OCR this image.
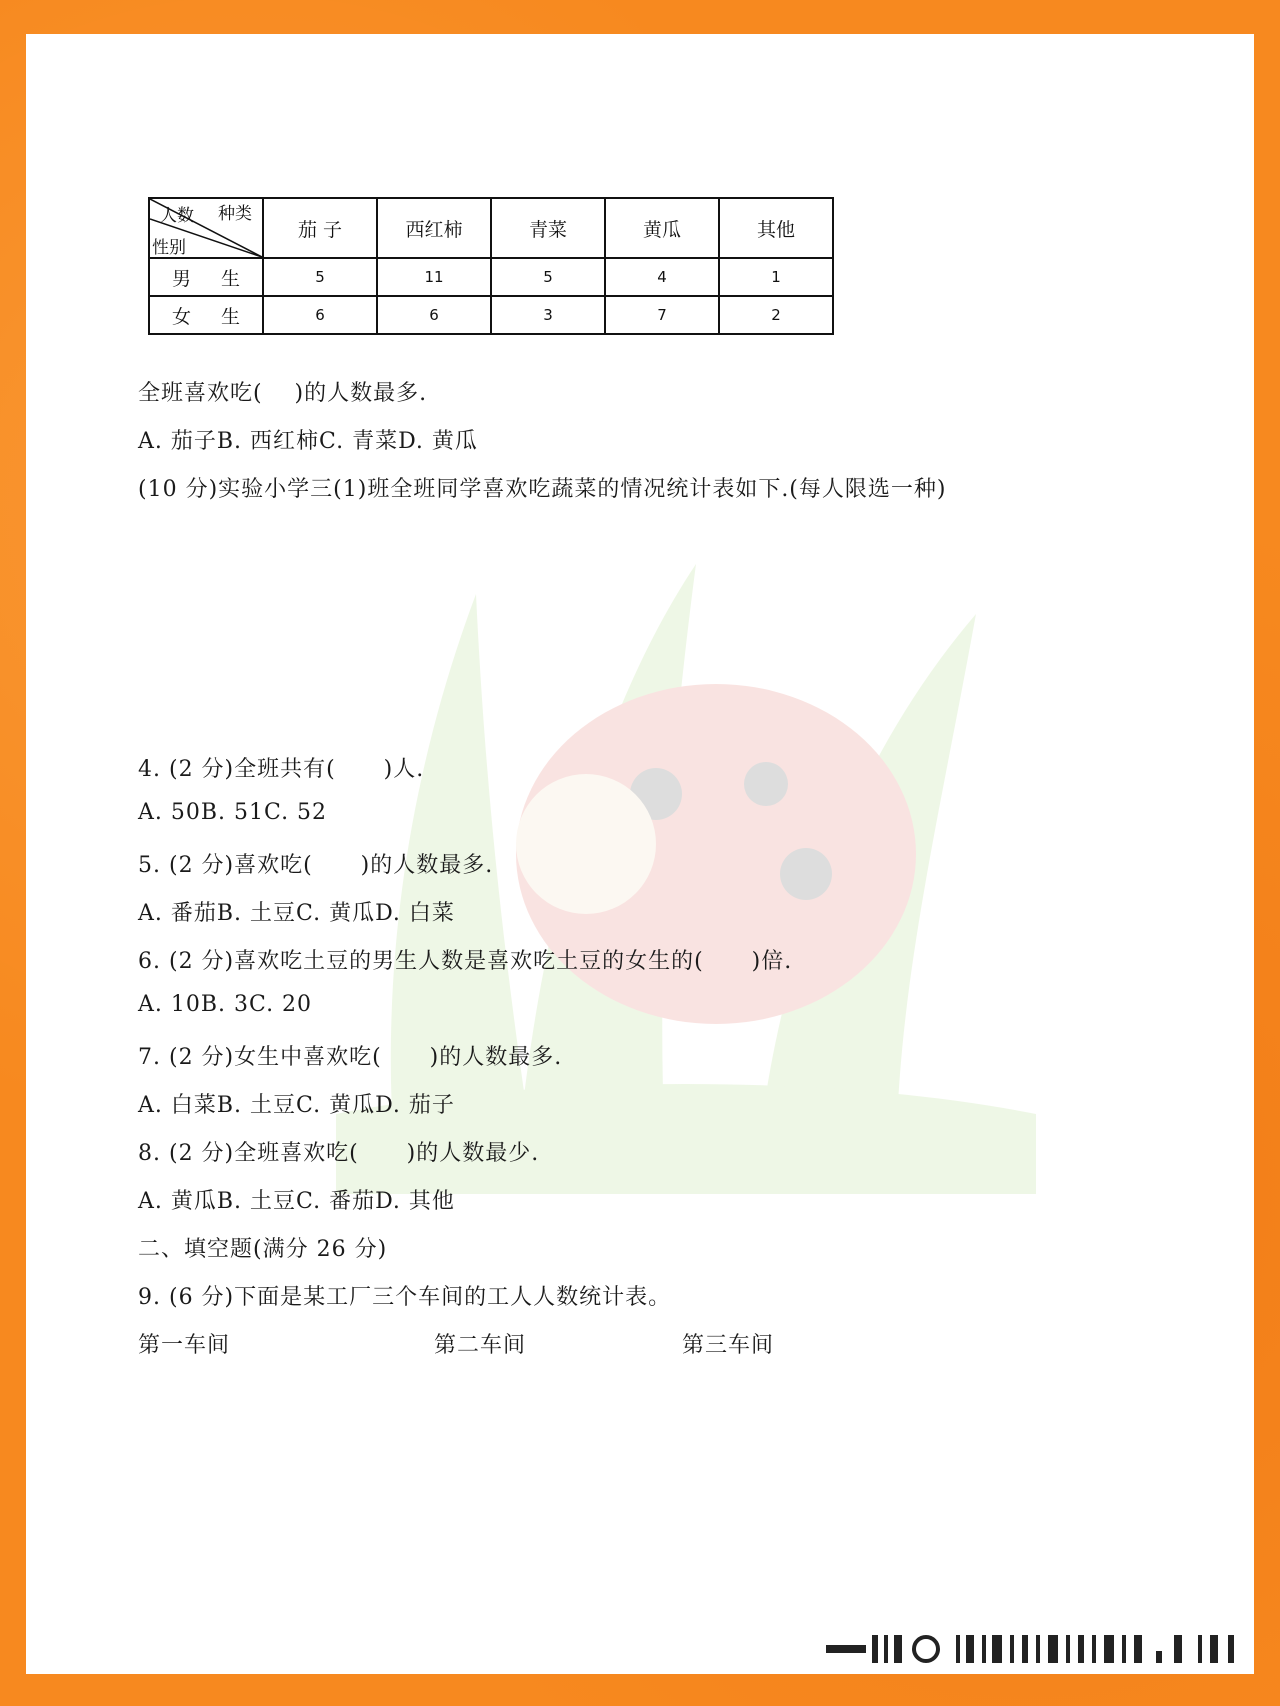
人数 种类
性别	茄 子	西红柿	青菜	黄瓜	其他
男 生	5	11	5	4	1
女 生	6	6	3	7	2
全班喜欢吃(    )的人数最多.
A. 茄子B. 西红柿C. 青菜D. 黄瓜
(10 分)实验小学三(1)班全班同学喜欢吃蔬菜的情况统计表如下.(每人限选一种)
4. (2 分)全班共有(      )人.
A. 50B. 51C. 52
5. (2 分)喜欢吃(      )的人数最多.
A. 番茄B. 土豆C. 黄瓜D. 白菜
6. (2 分)喜欢吃土豆的男生人数是喜欢吃土豆的女生的(      )倍.
A. 10B. 3C. 20
7. (2 分)女生中喜欢吃(      )的人数最多.
A. 白菜B. 土豆C. 黄瓜D. 茄子
8. (2 分)全班喜欢吃(      )的人数最少.
A. 黄瓜B. 土豆C. 番茄D. 其他
二、填空题(满分 26 分)
9. (6 分)下面是某工厂三个车间的工人人数统计表。
第一车间	第二车间	第三车间
